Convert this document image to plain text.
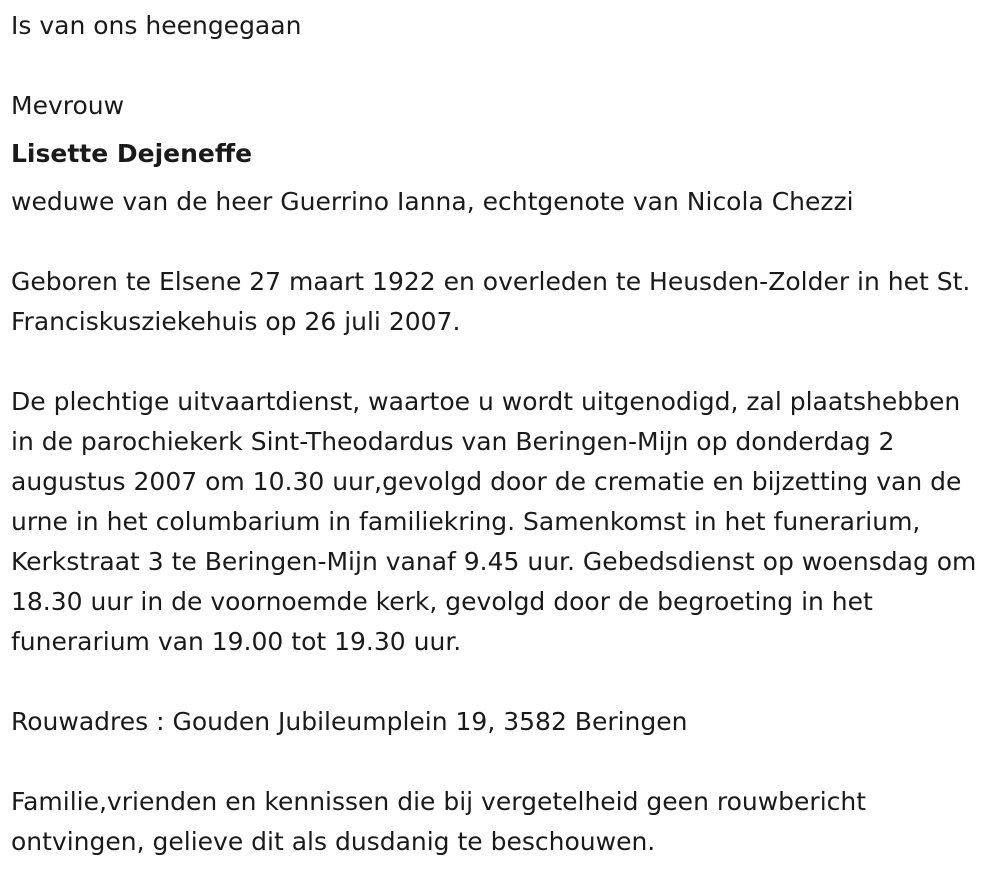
Is van ons heengegaan

Mevrouw

Lisette Dejeneffe

weduwe van de heer Guerrino Ianna, echtgenote van Nicola Chezzi

Geboren te Elsene 27 maart 1922 en overleden te Heusden-Zolder in het St. Franciskusziekehuis op 26 juli 2007.

De plechtige uitvaartdienst, waartoe u wordt uitgenodigd, zal plaatshebben in de parochiekerk Sint-Theodardus van Beringen-Mijn op donderdag 2 augustus 2007 om 10.30 uur,gevolgd door de crematie en bijzetting van de urne in het columbarium in familiekring. Samenkomst in het funerarium, Kerkstraat 3 te Beringen-Mijn vanaf 9.45 uur. Gebedsdienst op woensdag om 18.30 uur in de voornoemde kerk, gevolgd door de begroeting in het funerarium van 19.00 tot 19.30 uur.

Rouwadres : Gouden Jubileumplein 19, 3582 Beringen

Familie,vrienden en kennissen die bij vergetelheid geen rouwbericht ontvingen, gelieve dit als dusdanig te beschouwen.
